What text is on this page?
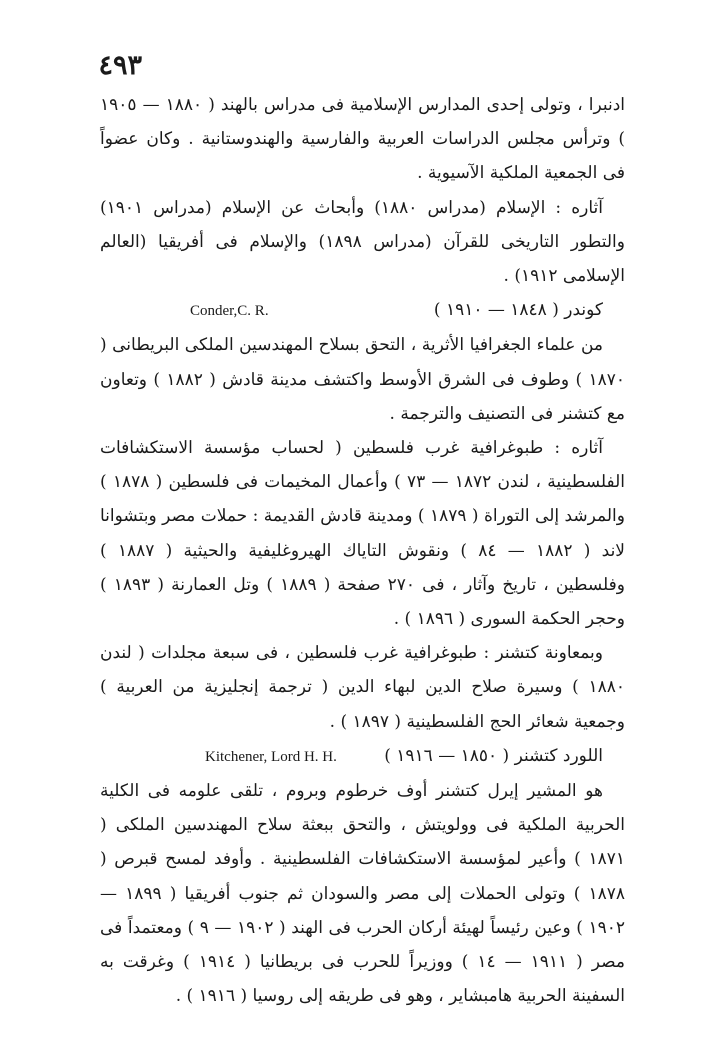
٤٩٣

ادنبرا ، وتولى إحدى المدارس الإسلامية فى مدراس بالهند ( ١٨٨٠ — ١٩٠٥ ) وترأس مجلس الدراسات العربية والفارسية والهندوستانية . وكان عضواً فى الجمعية الملكية الآسيوية .

آثاره : الإسلام (مدراس ١٨٨٠) وأبحاث عن الإسلام (مدراس ١٩٠١) والتطور التاريخى للقرآن (مدراس ١٨٩٨) والإسلام فى أفريقيا (العالم الإسلامى ١٩١٢) .

كوندر ( ١٨٤٨ — ١٩١٠ )
Conder,C. R.

من علماء الجغرافيا الأثرية ، التحق بسلاح المهندسين الملكى البريطانى ( ١٨٧٠ ) وطوف فى الشرق الأوسط واكتشف مدينة قادش ( ١٨٨٢ ) وتعاون مع كتشنر فى التصنيف والترجمة .

آثاره : طبوغرافية غرب فلسطين ( لحساب مؤسسة الاستكشافات الفلسطينية ، لندن ١٨٧٢ — ٧٣ ) وأعمال المخيمات فى فلسطين ( ١٨٧٨ ) والمرشد إلى التوراة ( ١٨٧٩ ) ومدينة قادش القديمة : حملات مصر وبتشوانا لاند ( ١٨٨٢ — ٨٤ ) ونقوش التاياك الهيروغليفية والحيثية ( ١٨٨٧ ) وفلسطين ، تاريخ وآثار ، فى ٢٧٠ صفحة ( ١٨٨٩ ) وتل العمارنة ( ١٨٩٣ ) وحجر الحكمة السورى ( ١٨٩٦ ) .

وبمعاونة كتشنر : طبوغرافية غرب فلسطين ، فى سبعة مجلدات ( لندن ١٨٨٠ ) وسيرة صلاح الدين لبهاء الدين ( ترجمة إنجليزية من العربية ) وجمعية شعائر الحج الفلسطينية ( ١٨٩٧ ) .

اللورد كتشنر ( ١٨٥٠ — ١٩١٦ )
Kitchener, Lord H. H.

هو المشير إيرل كتشنر أوف خرطوم وبروم ، تلقى علومه فى الكلية الحربية الملكية فى وولويتش ، والتحق ببعثة سلاح المهندسين الملكى ( ١٨٧١ ) وأعير لمؤسسة الاستكشافات الفلسطينية . وأوفد لمسح قبرص ( ١٨٧٨ ) وتولى الحملات إلى مصر والسودان ثم جنوب أفريقيا ( ١٨٩٩ — ١٩٠٢ ) وعين رئيساً لهيئة أركان الحرب فى الهند ( ١٩٠٢ — ٩ ) ومعتمداً فى مصر ( ١٩١١ — ١٤ ) ووزيراً للحرب فى بريطانيا ( ١٩١٤ ) وغرقت به السفينة الحربية هامبشاير ، وهو فى طريقه إلى روسيا ( ١٩١٦ ) .
